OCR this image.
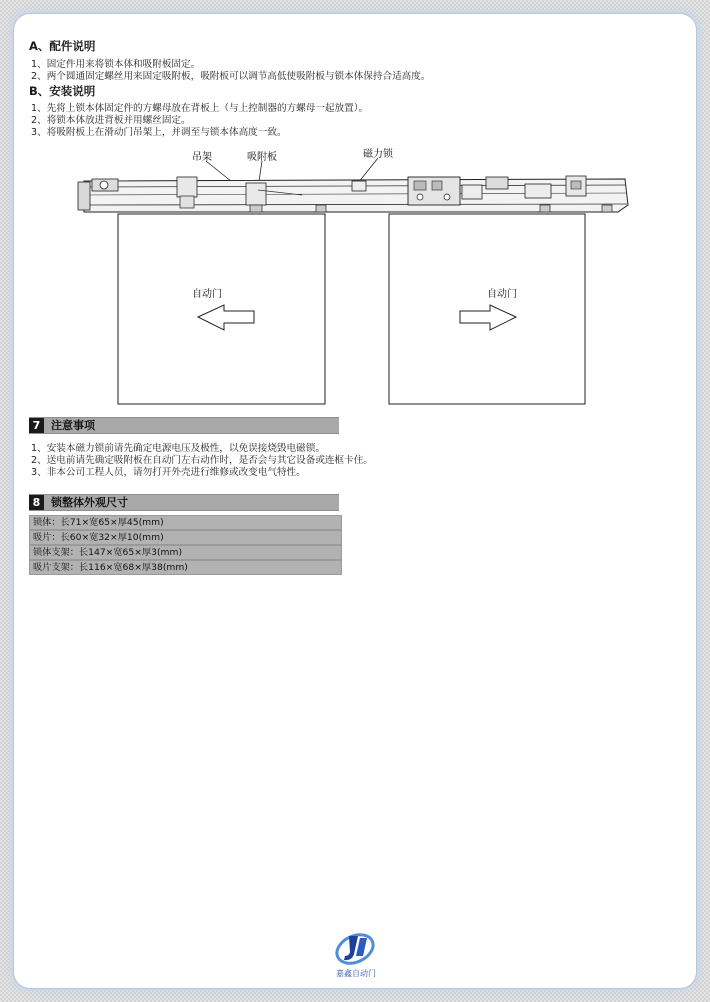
A、配件说明
1、固定件用来将锁本体和吸附板固定。
2、两个圆通固定螺丝用来固定吸附板，吸附板可以调节高低使吸附板与锁本体保持合适高度。
B、安装说明
1、先将上锁本体固定件的方螺母放在背板上（与上控制器的方螺母一起放置）。
2、将锁本体放进背板并用螺丝固定。
3、将吸附板上在滑动门吊架上，并调至与锁本体高度一致。
吊架	吸附板	磁力锁
自动门	自动门
7 注意事项
1、安装本磁力锁前请先确定电源电压及极性，以免误接烧毁电磁锁。
2、送电前请先确定吸附板在自动门左右动作时，是否会与其它设备或连框卡住。
3、非本公司工程人员，请勿打开外壳进行维修或改变电气特性。
8 锁整体外观尺寸
锁体：长71×宽65×厚45(mm)
吸片：长60×宽32×厚10(mm)
锁体支架：长147×宽65×厚3(mm)
吸片支架：长116×宽68×厚38(mm)
嘉鑫自动门
